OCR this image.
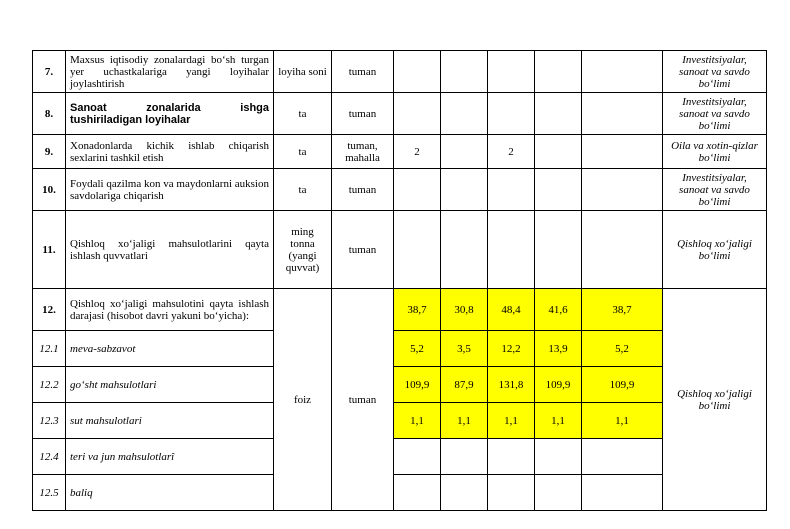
7.	Maxsus iqtisodiy zonalardagi bo‘sh turgan yer uchastkalariga yangi loyihalar joylashtirish	loyiha soni	tuman						Investitsiyalar, sanoat va savdo bo‘limi
8.	Sanoat zonalarida ishga tushiriladigan loyihalar	ta	tuman						Investitsiyalar, sanoat va savdo bo‘limi
9.	Xonadonlarda kichik ishlab chiqarish sexlarini tashkil etish	ta	tuman, mahalla	2		2			Oila va xotin-qizlar bo‘limi
10.	Foydali qazilma kon va maydonlarni auksion savdolariga chiqarish	ta	tuman						Investitsiyalar, sanoat va savdo bo‘limi
11.	Qishloq xo‘jaligi mahsulotlarini qayta ishlash quvvatlari	ming tonna (yangi quvvat)	tuman						Qishloq xo‘jaligi bo‘limi
12.	Qishloq xo‘jaligi mahsulotini qayta ishlash darajasi (hisobot davri yakuni bo‘yicha):	foiz	tuman	38,7	30,8	48,4	41,6	38,7	Qishloq xo‘jaligi bo‘limi
12.1	meva-sabzavot			5,2	3,5	12,2	13,9	5,2	
12.2	go‘sht mahsulotlari			109,9	87,9	131,8	109,9	109,9	
12.3	sut mahsulotlari			1,1	1,1	1,1	1,1	1,1	
12.4	teri va jun mahsulotlarî								
12.5	baliq								
